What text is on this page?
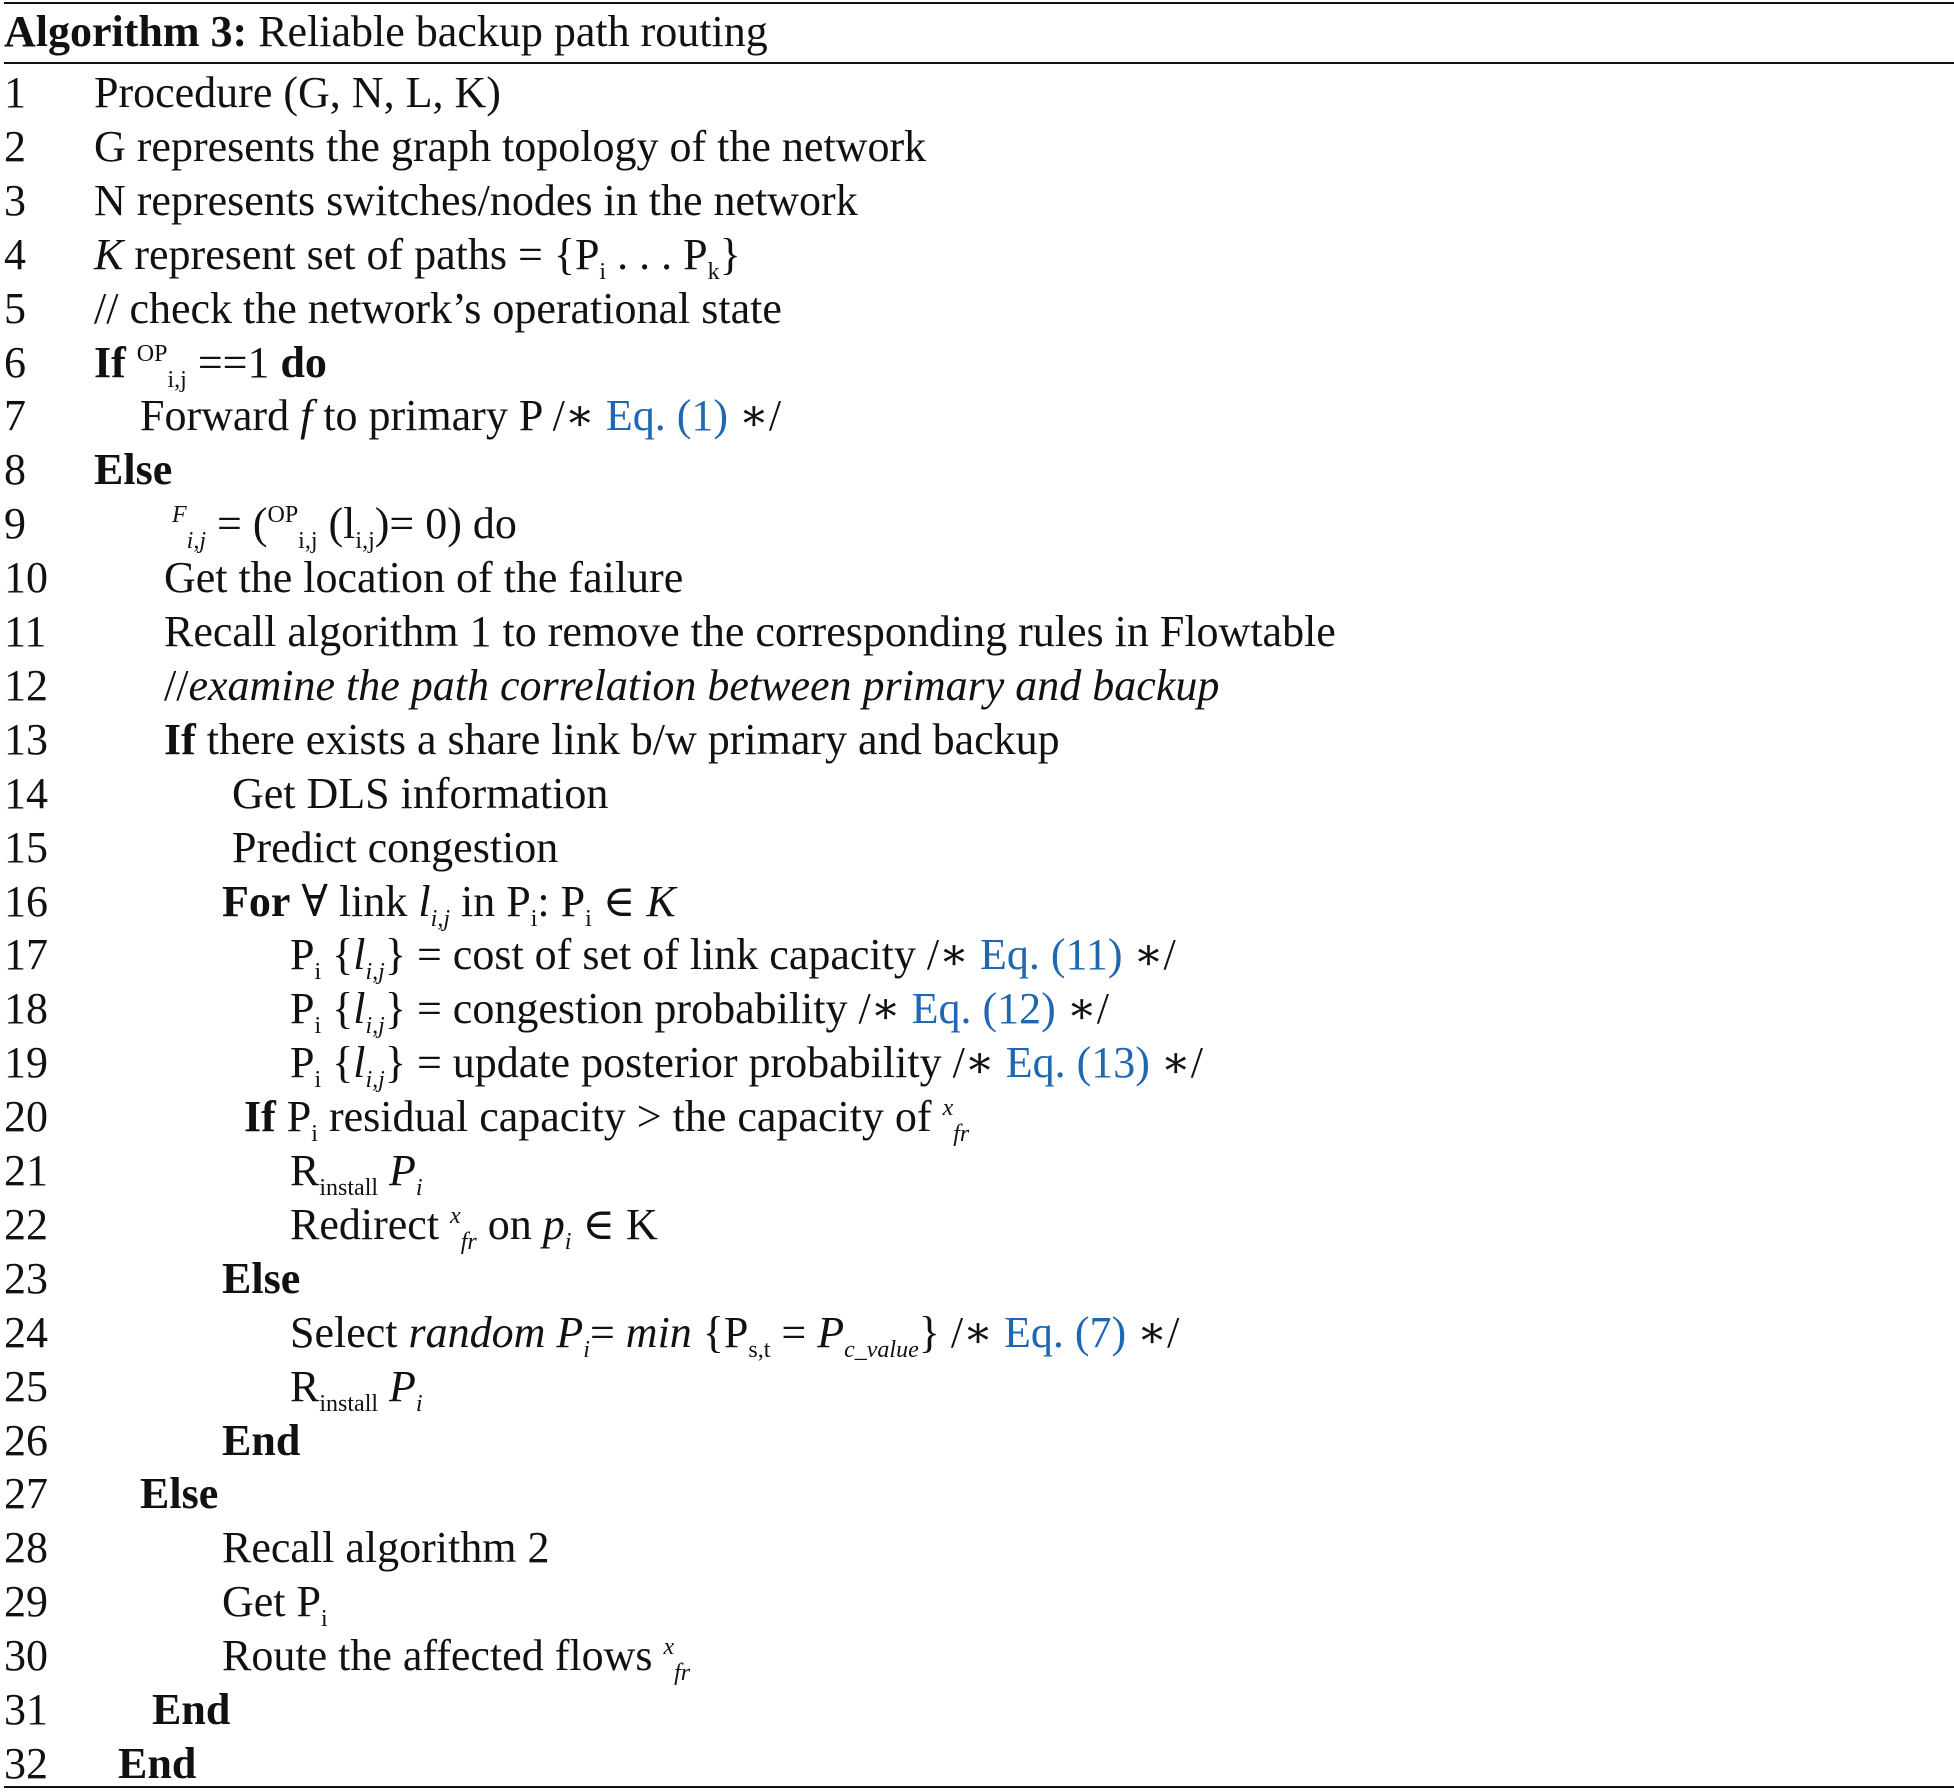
Algorithm 3: Reliable backup path routing
1 Procedure (G, N, L, K)
2 G represents the graph topology of the network
3 N represents switches/nodes in the network
4 K represent set of paths = {$P_i$ . . . $P_k$}
5 // check the network’s operational state
6 If $^{OP}_{i,j}$ ==1 do
7	Forward f to primary P /∗ Eq. (1) ∗/
8 Else
9	$^F_{i,j}$ = ($^{OP}_{i,j}$ $(l_{i,j})= 0$) do
10	Get the location of the failure
11	Recall algorithm 1 to remove the corresponding rules in Flowtable
12	//examine the path correlation between primary and backup
13	If there exists a share link b/w primary and backup
14	Get DLS information
15	Predict congestion
16	For ∀ link $l_{i,j}$ in $P_i$: $P_i$ ∈ K
17	$P_i$ $\{l_{i,j}\} = \cos t$ of set of link capacity /∗ Eq. (11) ∗/
18	$P_i$ $\{l_{i,j}\}$ = congestion probability /∗ Eq. (12) ∗/
19	$P_i$ $\{l_{i,j}\}$ = update posterior probability /∗ Eq. (13) ∗/
20	If $P_i$ residual capacity > the capacity of $^x_{fr}$
21	$R_{install}$ $P_i$
22	Redirect $^x_{fr}$ on $p_i$ ∈ K
23	Else
24	Select random $P_i= \min \{P_{s,t} = P_{c\_value}\}$ /∗ Eq. (7) ∗/
25	$R_{install}$ $P_i$
26	End
27 Else
28	Recall algorithm 2
29	Get $P_i$
30	Route the affected flows $^x_{fr}$
31 End
32 End
